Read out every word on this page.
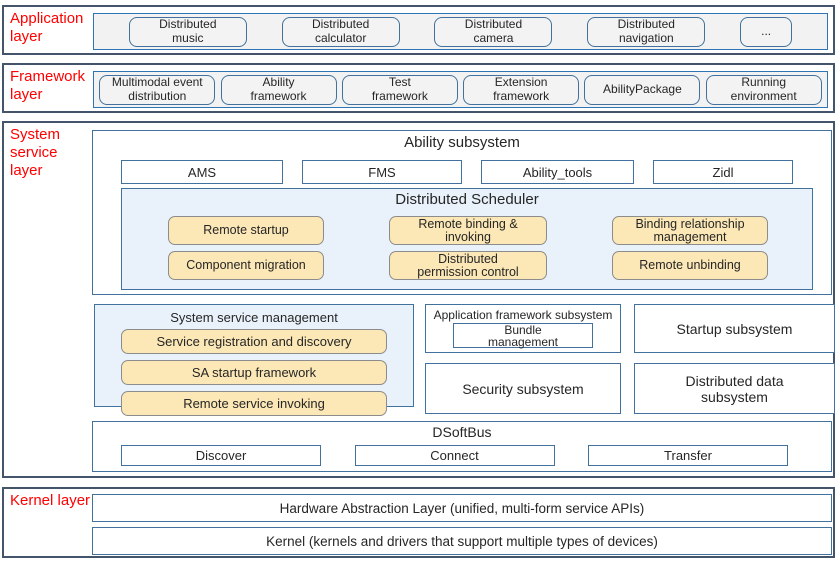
Application layer
Distributed music
Distributed calculator
Distributed camera
Distributed navigation	...
Framework layer
Multimodal event distribution
Ability framework
Test framework
Extension framework	AbilityPackage	Running environment
System service layer
Ability subsystem
AMS	FMS	Ability_tools	Zidl
Distributed Scheduler
Remote startup	Remote binding & invoking
Binding relationship management
Component migration	Distributed permission control	Remote unbinding
System service management
Service registration and discovery
SA startup framework
Remote service invoking
Application framework subsystem
Bundle management
Startup subsystem
Security subsystem	Distributed data subsystem
DSoftBus
Discover	Connect	Transfer
Kernel layer	Hardware Abstraction Layer (unified, multi-form service APIs)
Kernel (kernels and drivers that support multiple types of devices)
